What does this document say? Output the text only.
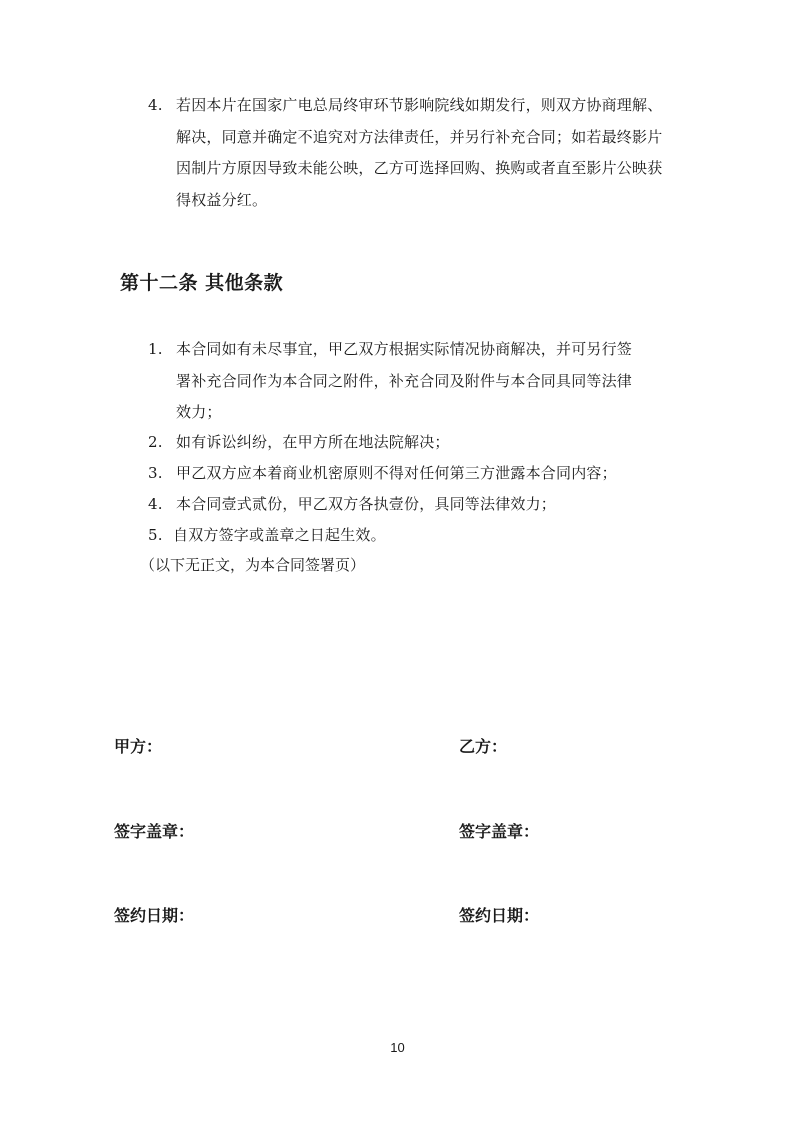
4. 若因本片在国家广电总局终审环节影响院线如期发行，则双方协商理解、
解决，同意并确定不追究对方法律责任，并另行补充合同；如若最终影片
因制片方原因导致未能公映，乙方可选择回购、换购或者直至影片公映获
得权益分红。
第十二条 其他条款
1. 本合同如有未尽事宜，甲乙双方根据实际情况协商解决，并可另行签
署补充合同作为本合同之附件，补充合同及附件与本合同具同等法律
效力；
2. 如有诉讼纠纷，在甲方所在地法院解决；
3. 甲乙双方应本着商业机密原则不得对任何第三方泄露本合同内容；
4. 本合同壹式贰份，甲乙双方各执壹份，具同等法律效力；
5. 自双方签字或盖章之日起生效。
（以下无正文，为本合同签署页）
甲方：	乙方：
签字盖章：	签字盖章：
签约日期：	签约日期：
10
